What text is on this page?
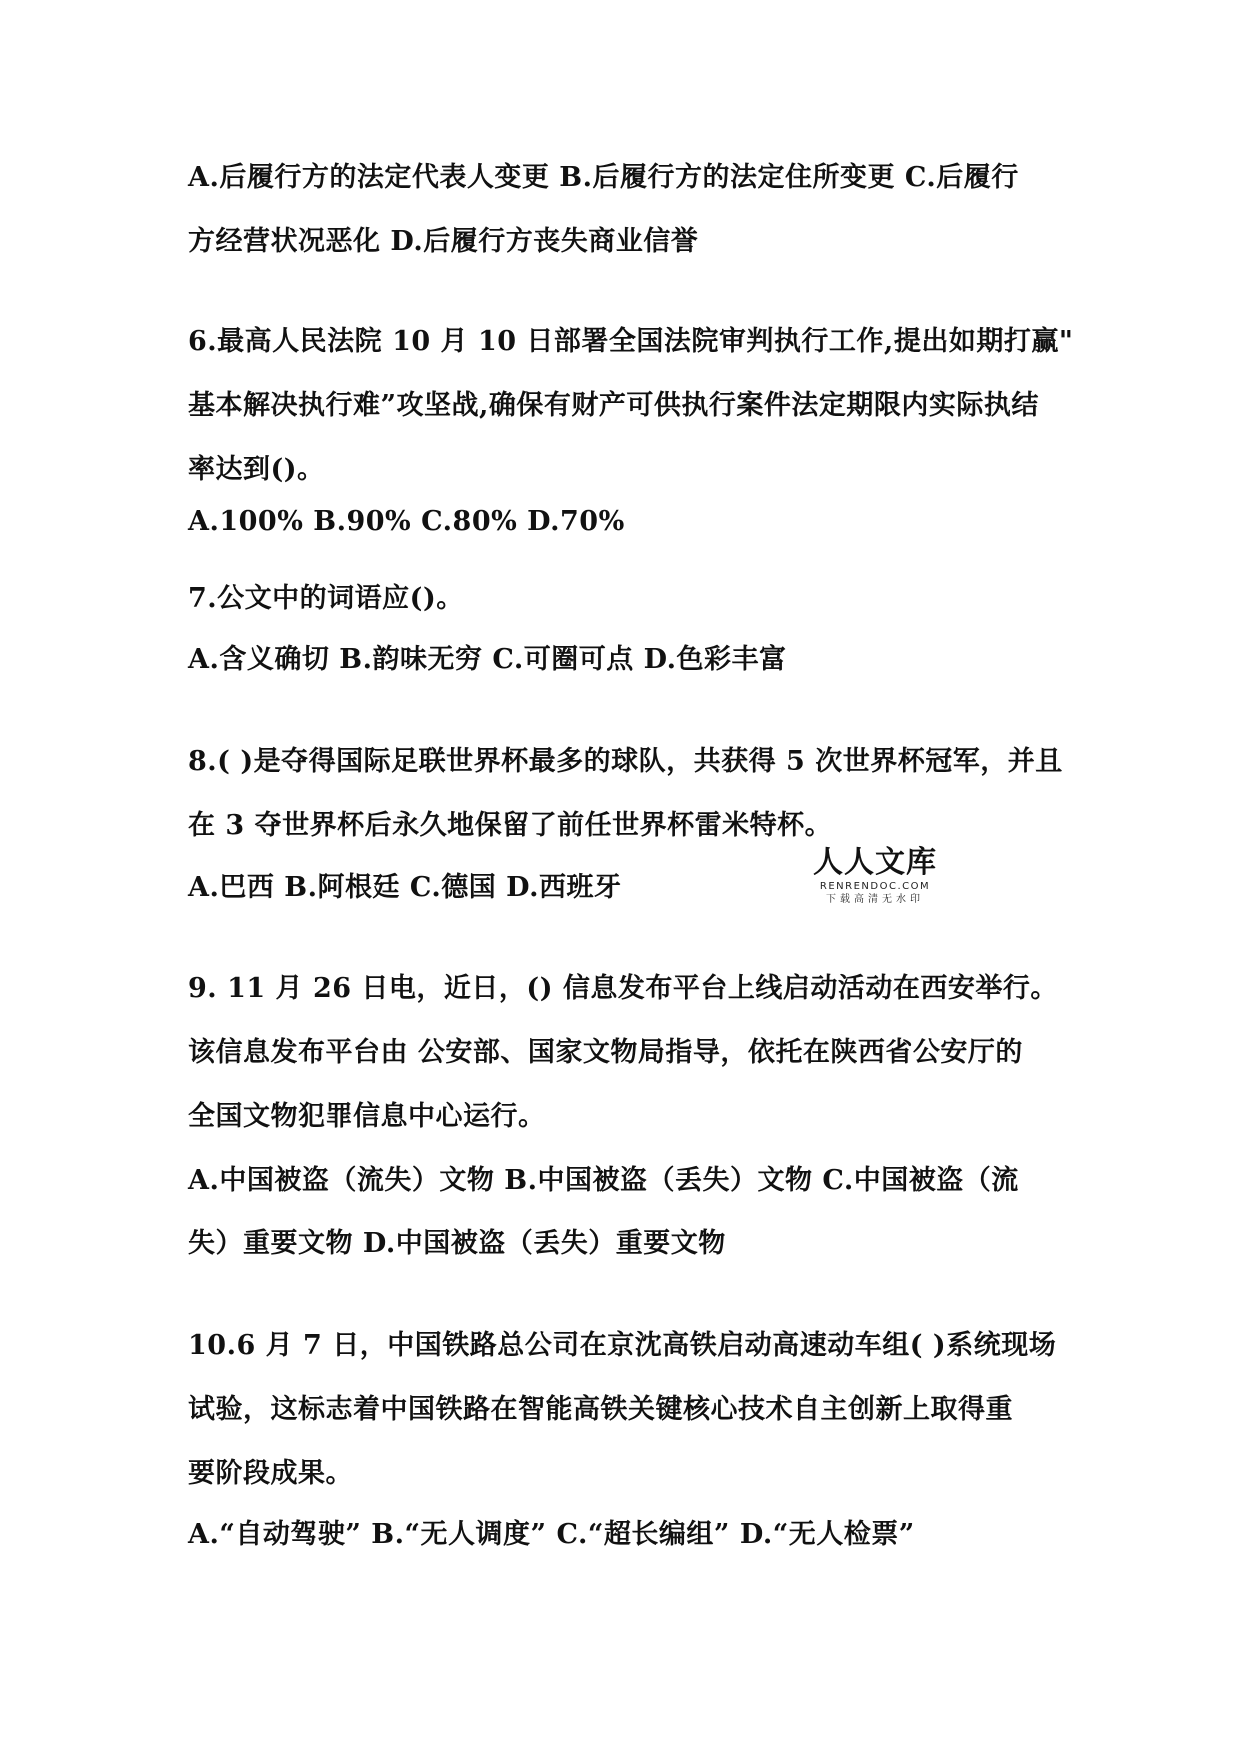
A.后履行方的法定代表人变更 B.后履行方的法定住所变更 C.后履行
方经营状况恶化 D.后履行方丧失商业信誉
6.最高人民法院 10 月 10 日部署全国法院审判执行工作,提出如期打赢"
基本解决执行难”攻坚战,确保有财产可供执行案件法定期限内实际执结
率达到()。
A.100% B.90% C.80% D.70%
7.公文中的词语应()。
A.含义确切 B.韵味无穷 C.可圈可点 D.色彩丰富
8.( )是夺得国际足联世界杯最多的球队，共获得 5 次世界杯冠军，并且
在 3 夺世界杯后永久地保留了前任世界杯雷米特杯。
A.巴西 B.阿根廷 C.德国 D.西班牙
9. 11 月 26 日电，近日，() 信息发布平台上线启动活动在西安举行。
该信息发布平台由 公安部、国家文物局指导，依托在陕西省公安厅的
全国文物犯罪信息中心运行。
A.中国被盗（流失）文物 B.中国被盗（丢失）文物 C.中国被盗（流
失）重要文物 D.中国被盗（丢失）重要文物
10.6 月 7 日，中国铁路总公司在京沈高铁启动高速动车组( )系统现场
试验，这标志着中国铁路在智能高铁关键核心技术自主创新上取得重
要阶段成果。
A.“自动驾驶” B.“无人调度” C.“超长编组” D.“无人检票”
人人文库
RENRENDOC.COM
下载高清无水印
